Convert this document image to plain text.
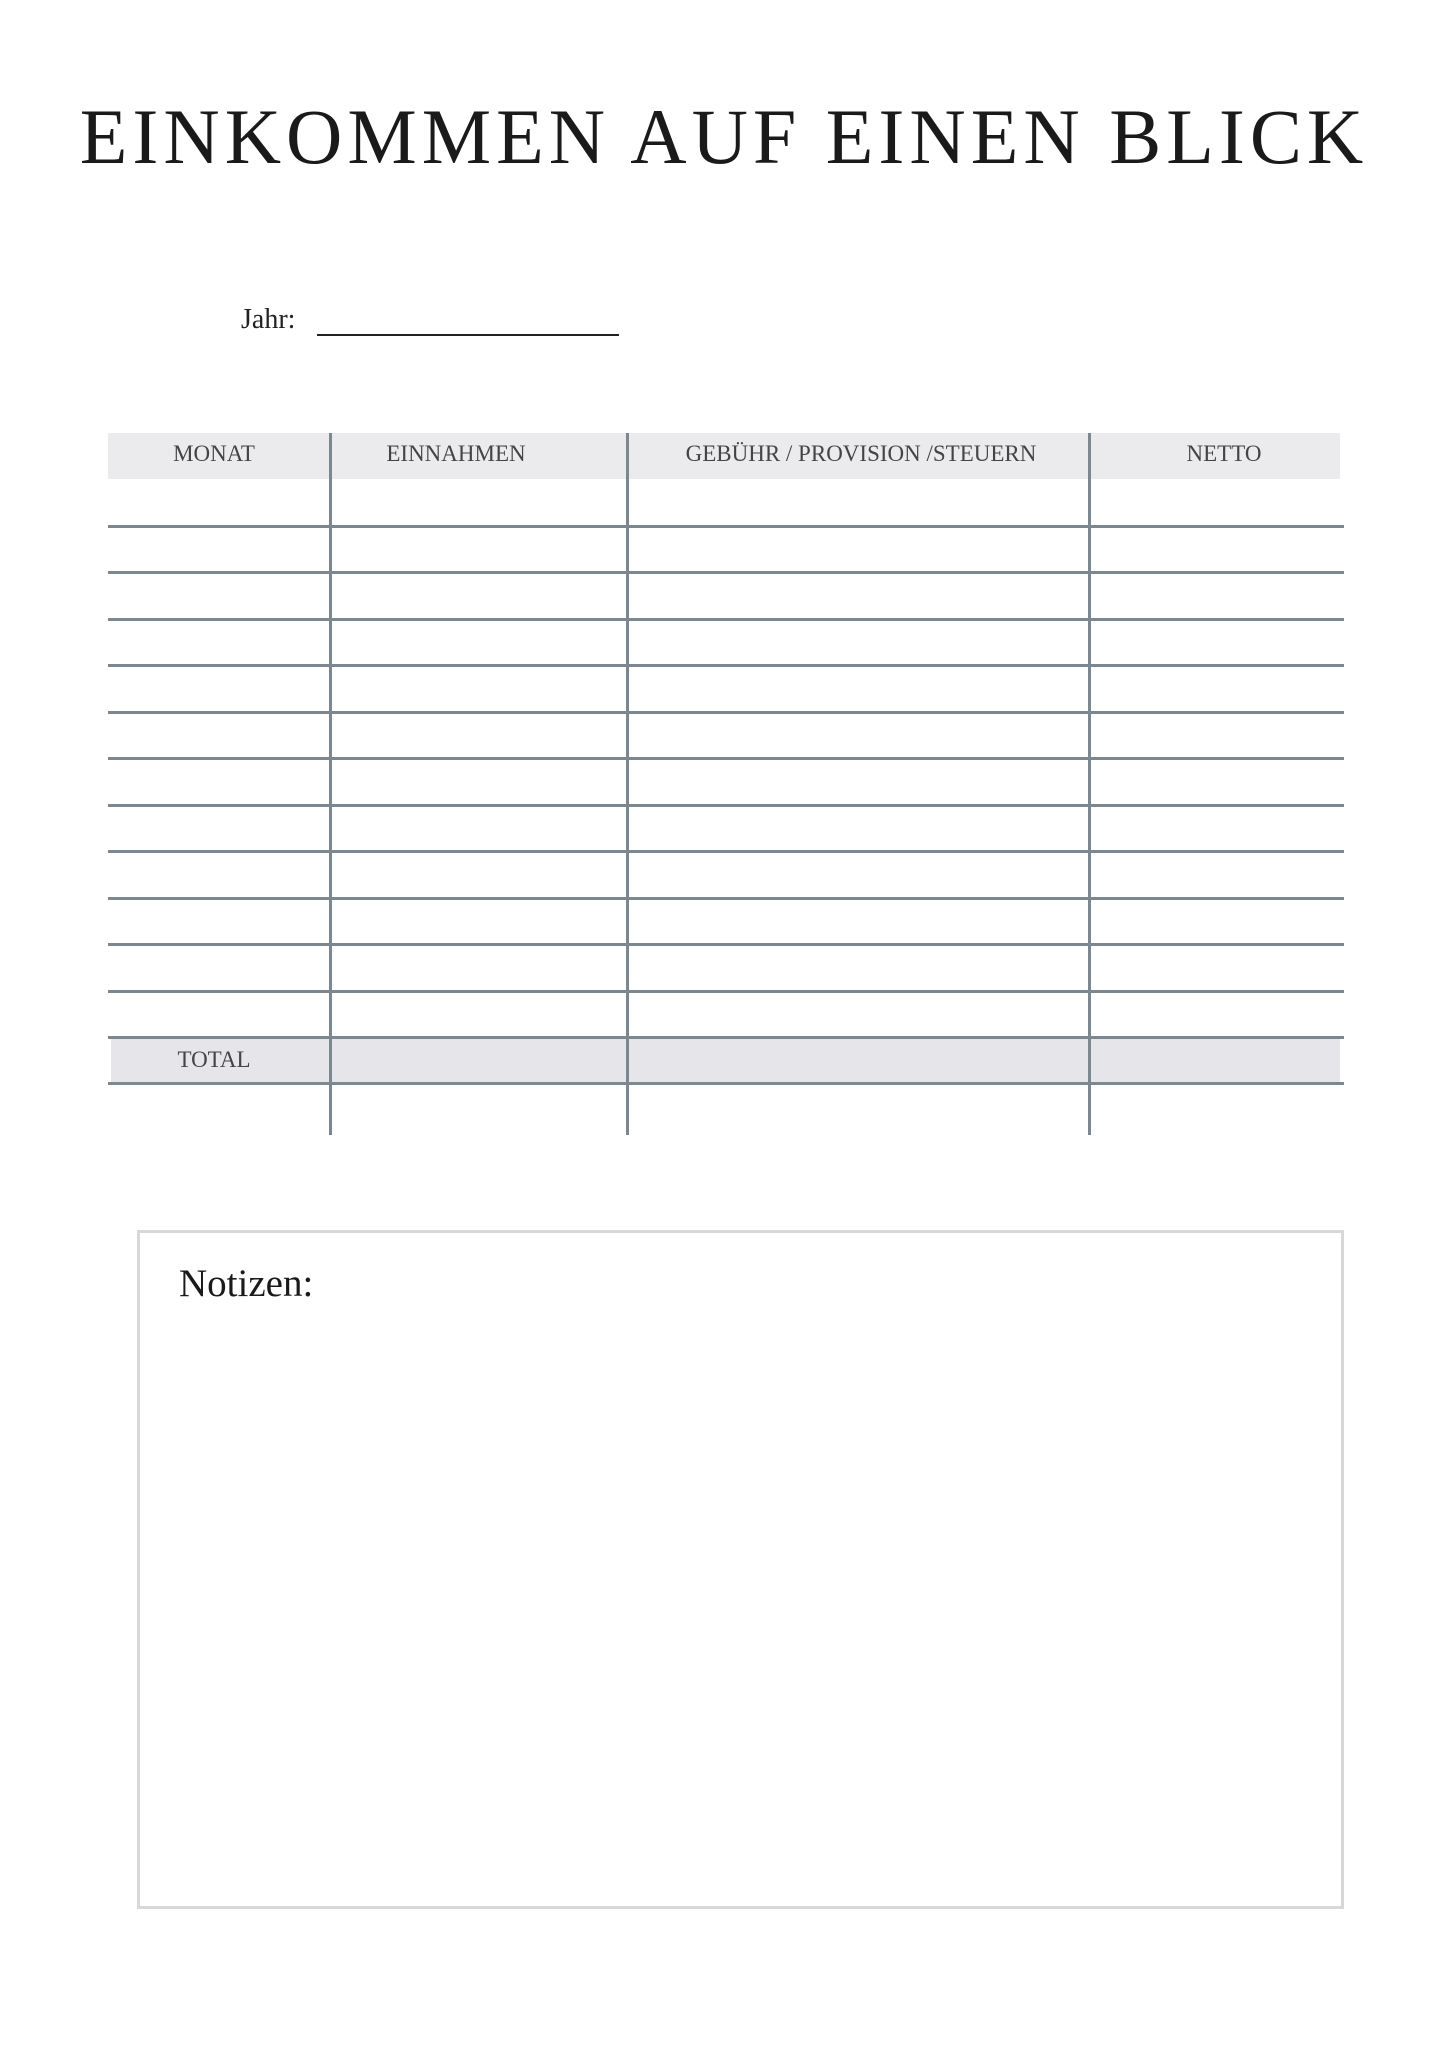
EINKOMMEN AUF EINEN BLICK
Jahr:
MONAT	EINNAHMEN	GEBÜHR / PROVISION /STEUERN	NETTO
TOTAL
Notizen:
